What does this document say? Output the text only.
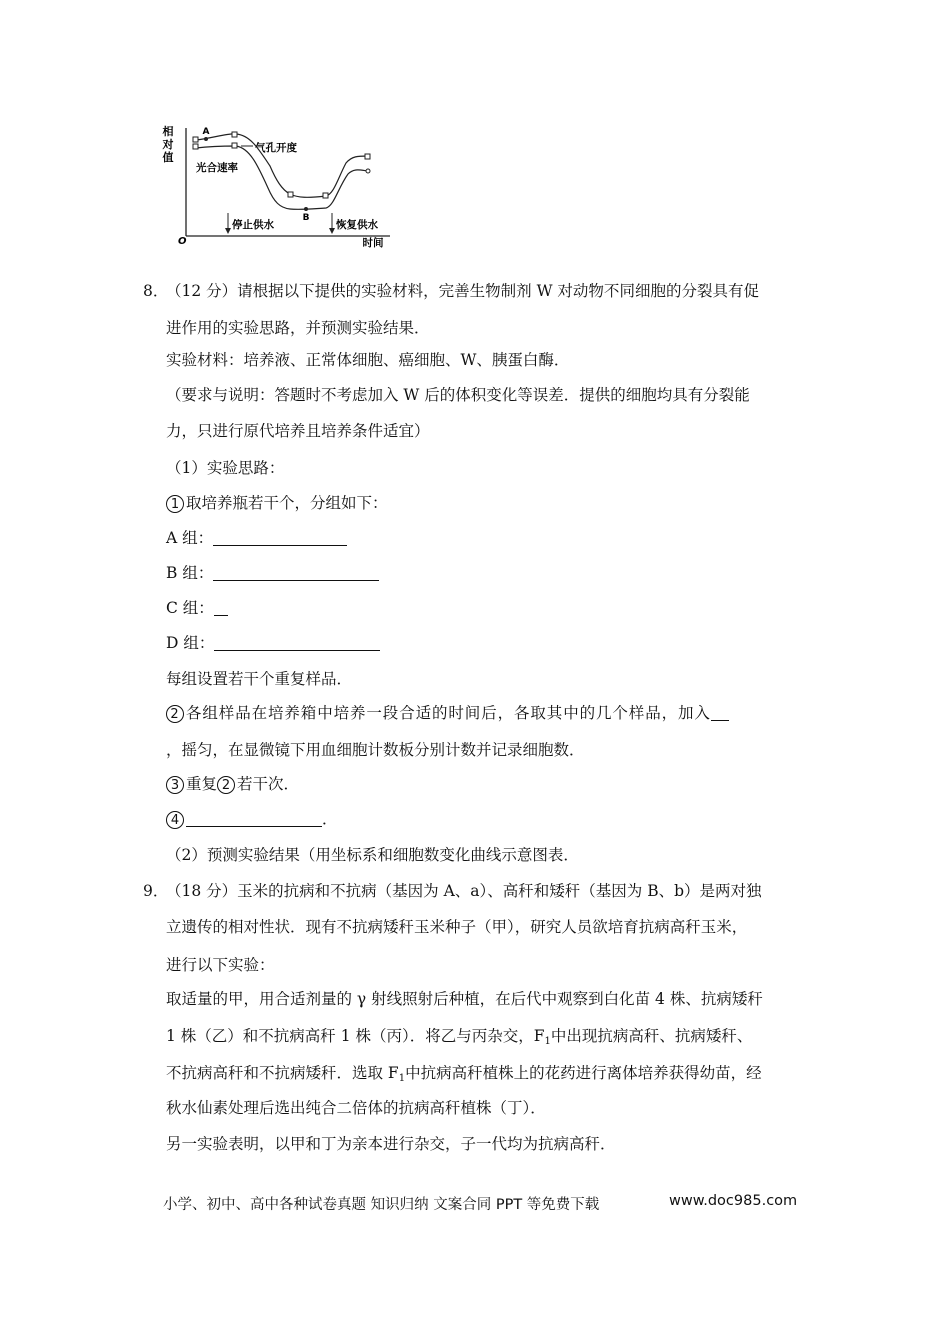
相
对
值
O	时间
A
B
气孔开度
光合速率
停止供水	恢复供水
8．
（12 分）请根据以下提供的实验材料，完善生物制剂 W 对动物不同细胞的分裂具有促
进作用的实验思路，并预测实验结果．
实验材料：培养液、正常体细胞、癌细胞、W、胰蛋白酶．
（要求与说明：答题时不考虑加入 W 后的体积变化等误差．提供的细胞均具有分裂能
力，只进行原代培养且培养条件适宜）
（1）实验思路：
1 取培养瓶若干个，分组如下：
A 组：
B 组：
C 组：
D 组：
每组设置若干个重复样品．
2 各组样品在培养箱中培养一段合适的时间后，各取其中的几个样品，加入
，摇匀，在显微镜下用血细胞计数板分别计数并记录细胞数．
3 重复 2 若干次．
4	．
（2）预测实验结果（用坐标系和细胞数变化曲线示意图表．
9．
（18 分）玉米的抗病和不抗病（基因为 A、a）、高秆和矮秆（基因为 B、b）是两对独
立遗传的相对性状．现有不抗病矮秆玉米种子（甲），研究人员欲培育抗病高秆玉米，
进行以下实验：
取适量的甲，用合适剂量的 γ 射线照射后种植，在后代中观察到白化苗 4 株、抗病矮秆
1 株（乙）和不抗病高秆 1 株（丙）．将乙与丙杂交，$F_1$中出现抗病高秆、抗病矮秆、
不抗病高秆和不抗病矮秆．选取 $F_1$中抗病高秆植株上的花药进行离体培养获得幼苗，经
秋水仙素处理后选出纯合二倍体的抗病高秆植株（丁）．
另一实验表明，以甲和丁为亲本进行杂交，子一代均为抗病高秆．
小学、初中、高中各种试卷真题 知识归纳 文案合同 PPT 等免费下载	www.doc985.com
